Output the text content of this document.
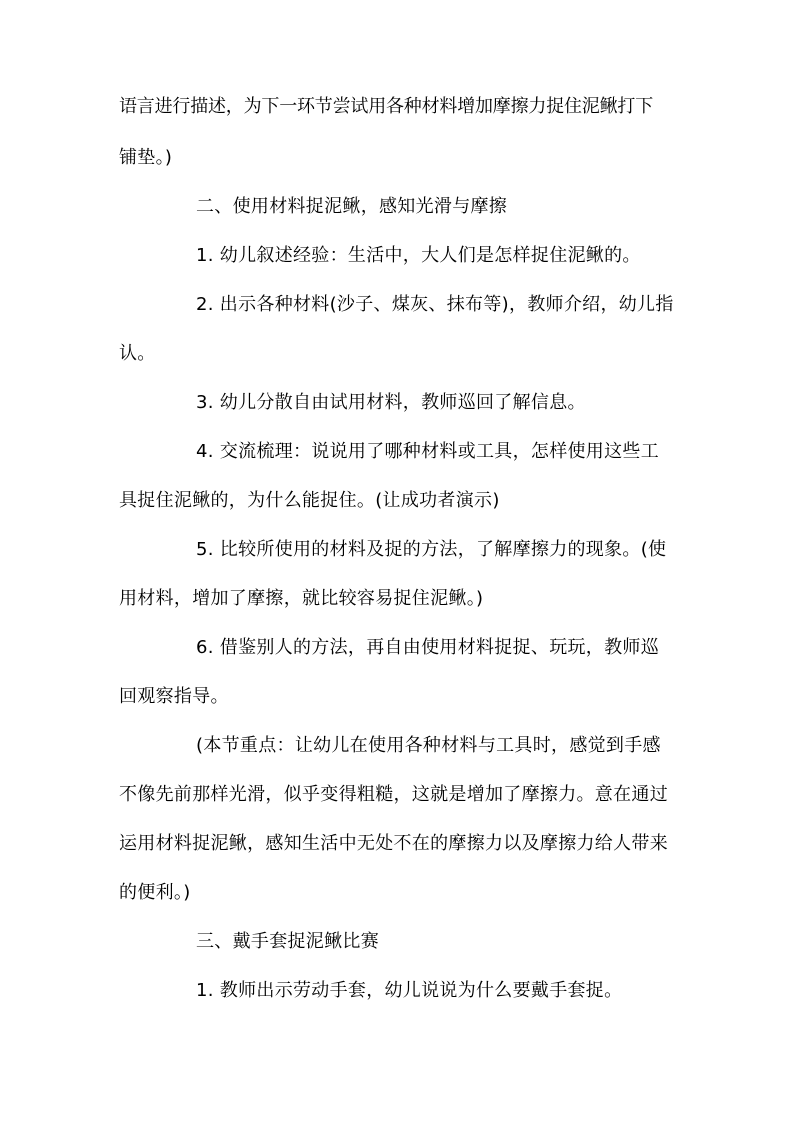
语言进行描述，为下一环节尝试用各种材料增加摩擦力捉住泥鳅打下
铺垫。)
二、使用材料捉泥鳅，感知光滑与摩擦
1. 幼儿叙述经验：生活中，大人们是怎样捉住泥鳅的。
2. 出示各种材料(沙子、煤灰、抹布等)，教师介绍，幼儿指
认。
3. 幼儿分散自由试用材料，教师巡回了解信息。
4. 交流梳理：说说用了哪种材料或工具，怎样使用这些工
具捉住泥鳅的，为什么能捉住。(让成功者演示)
5. 比较所使用的材料及捉的方法，了解摩擦力的现象。(使
用材料，增加了摩擦，就比较容易捉住泥鳅。)
6. 借鉴别人的方法，再自由使用材料捉捉、玩玩，教师巡
回观察指导。
(本节重点：让幼儿在使用各种材料与工具时，感觉到手感
不像先前那样光滑，似乎变得粗糙，这就是增加了摩擦力。意在通过
运用材料捉泥鳅，感知生活中无处不在的摩擦力以及摩擦力给人带来
的便利。)
三、戴手套捉泥鳅比赛
1. 教师出示劳动手套，幼儿说说为什么要戴手套捉。
